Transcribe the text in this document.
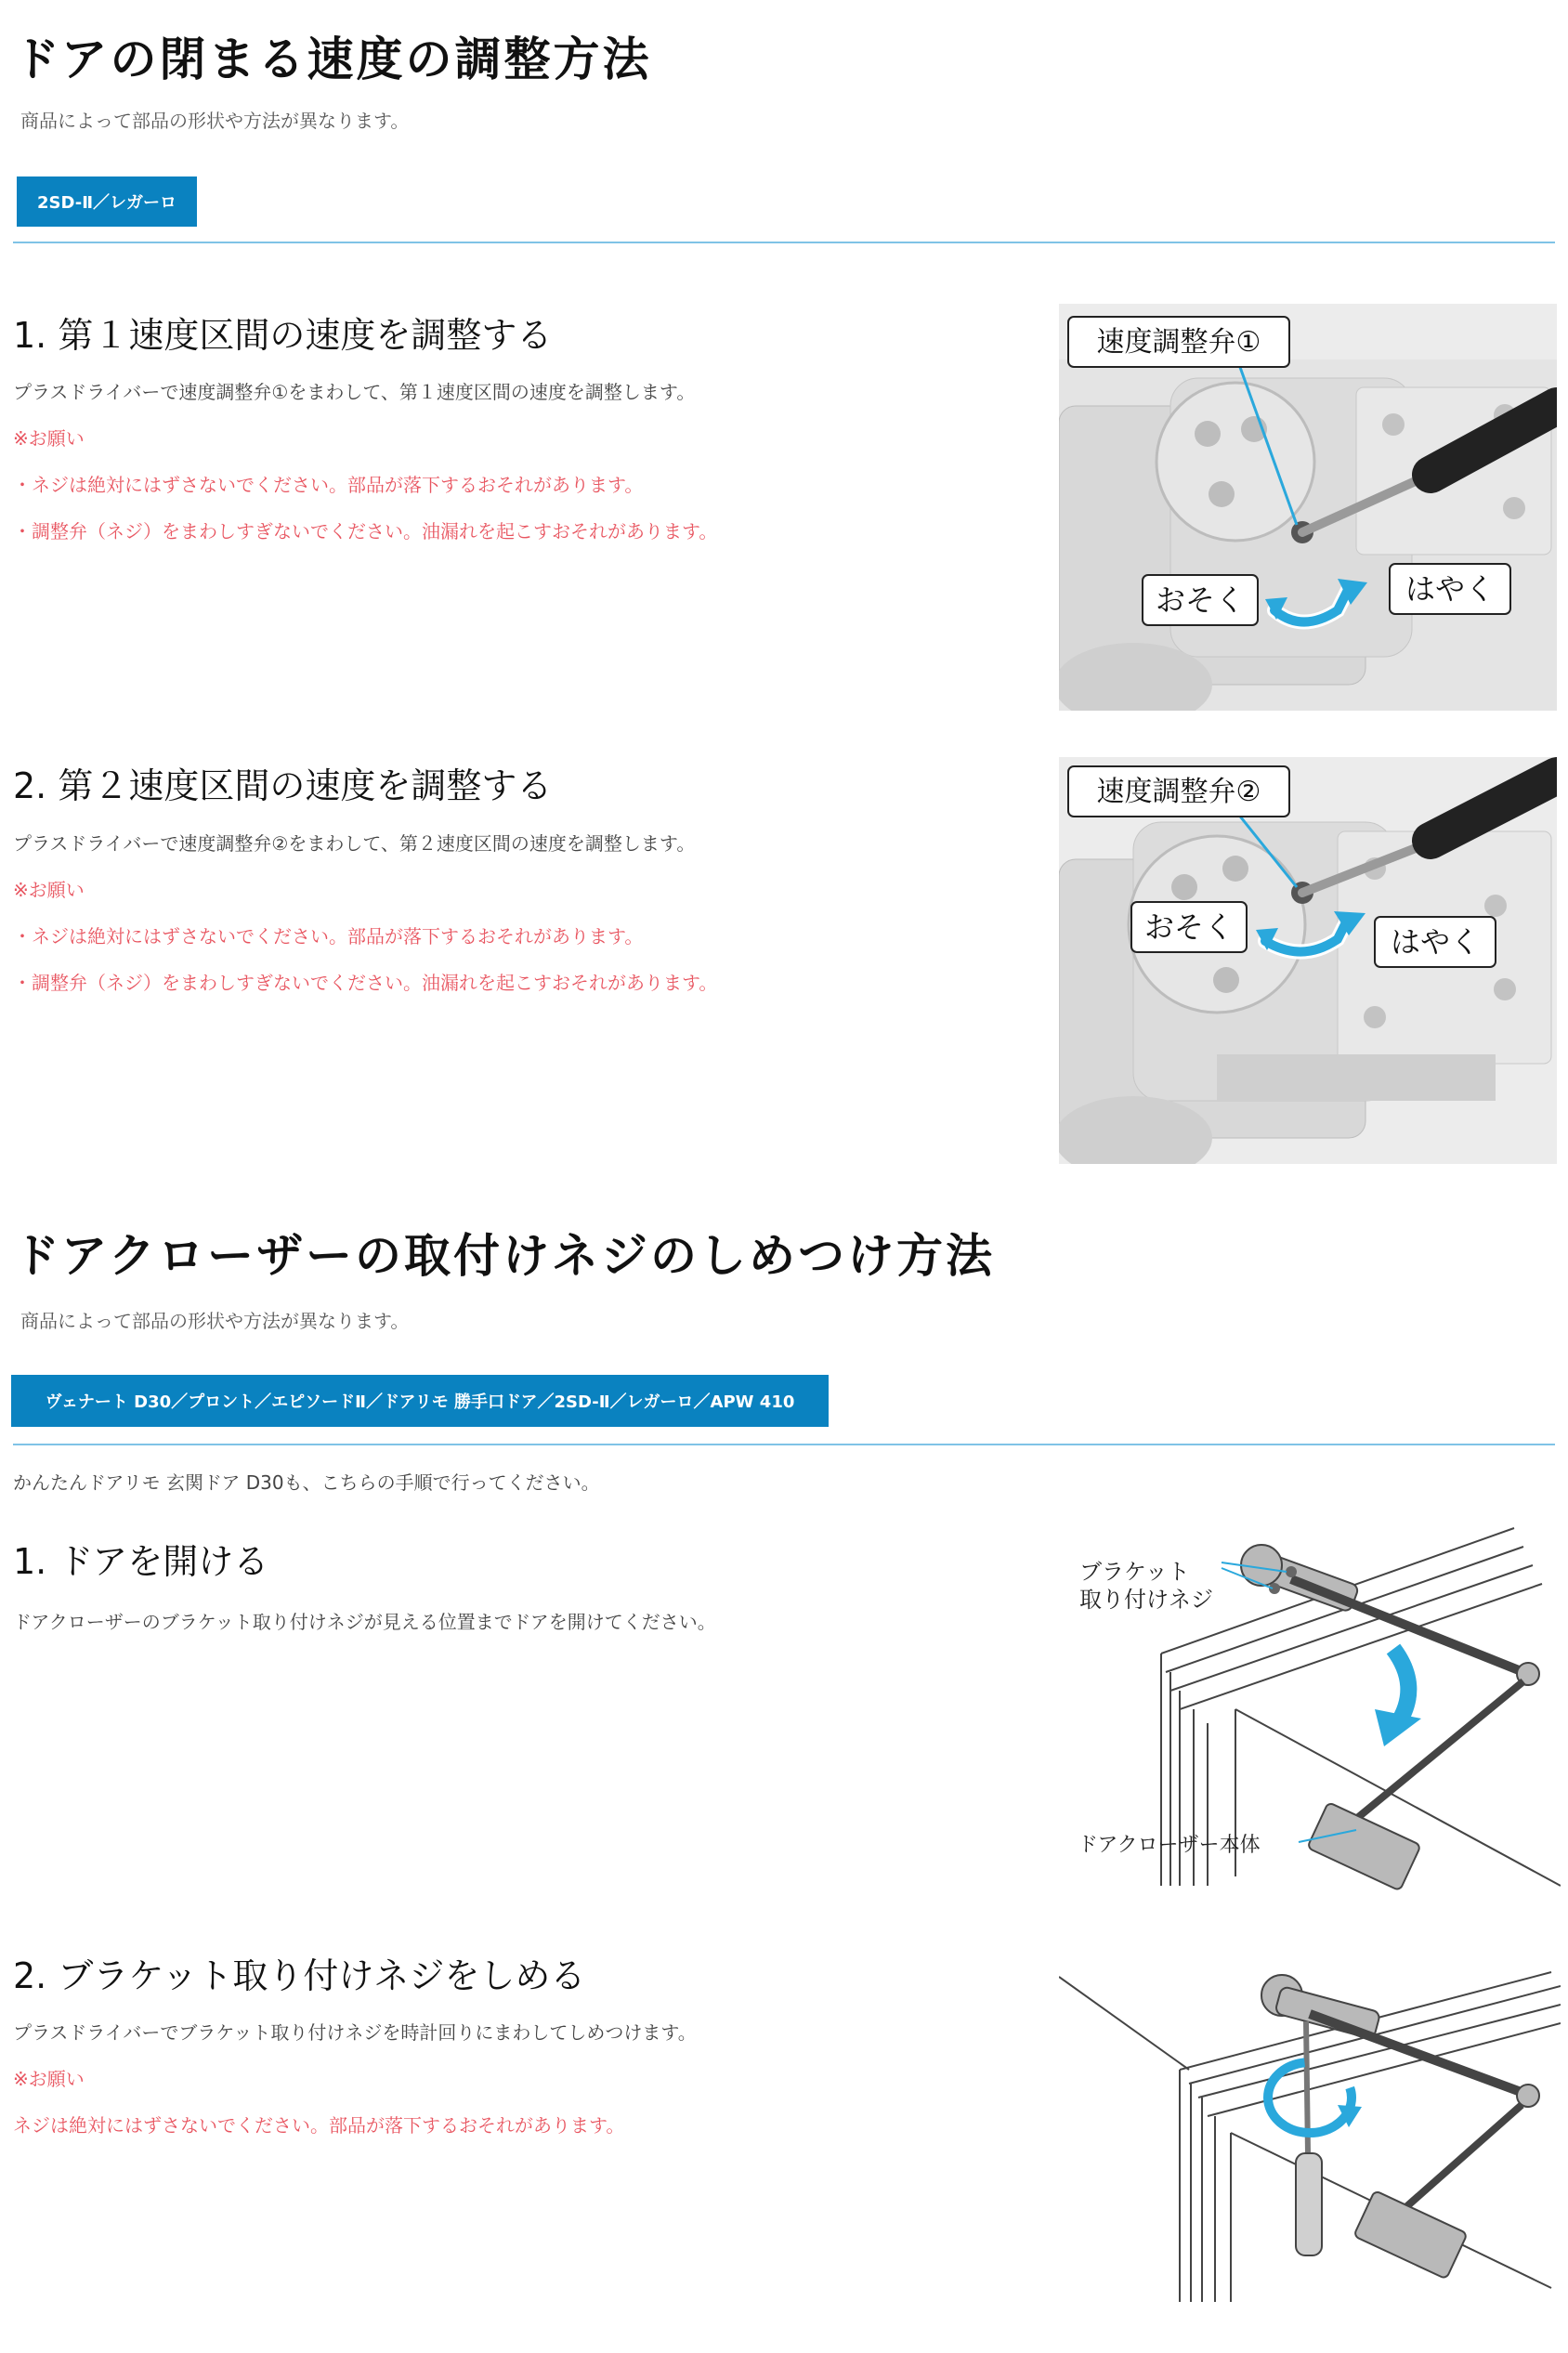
ドアの閉まる速度の調整方法

商品によって部品の形状や方法が異なります。

2SD-Ⅱ／レガーロ
1. 第１速度区間の速度を調整する

プラスドライバーで速度調整弁①をまわして、第１速度区間の速度を調整します。

※お願い

・ネジは絶対にはずさないでください。部品が落下するおそれがあります。

・調整弁（ネジ）をまわしすぎないでください。油漏れを起こすおそれがあります。

速度調整弁①
おそく	はやく
2. 第２速度区間の速度を調整する

プラスドライバーで速度調整弁②をまわして、第２速度区間の速度を調整します。

※お願い

・ネジは絶対にはずさないでください。部品が落下するおそれがあります。

・調整弁（ネジ）をまわしすぎないでください。油漏れを起こすおそれがあります。

速度調整弁②
おそく	はやく
ドアクローザーの取付けネジのしめつけ方法

商品によって部品の形状や方法が異なります。

ヴェナート D30／プロント／エピソードⅡ／ドアリモ 勝手口ドア／2SD-Ⅱ／レガーロ／APW 410

かんたんドアリモ 玄関ドア D30も、こちらの手順で行ってください。

1. ドアを開ける

ドアクローザーのブラケット取り付けネジが見える位置までドアを開けてください。

ブラケット
取り付けネジ
ドアクローザー本体
2. ブラケット取り付けネジをしめる

プラスドライバーでブラケット取り付けネジを時計回りにまわしてしめつけます。

※お願い

ネジは絶対にはずさないでください。部品が落下するおそれがあります。
